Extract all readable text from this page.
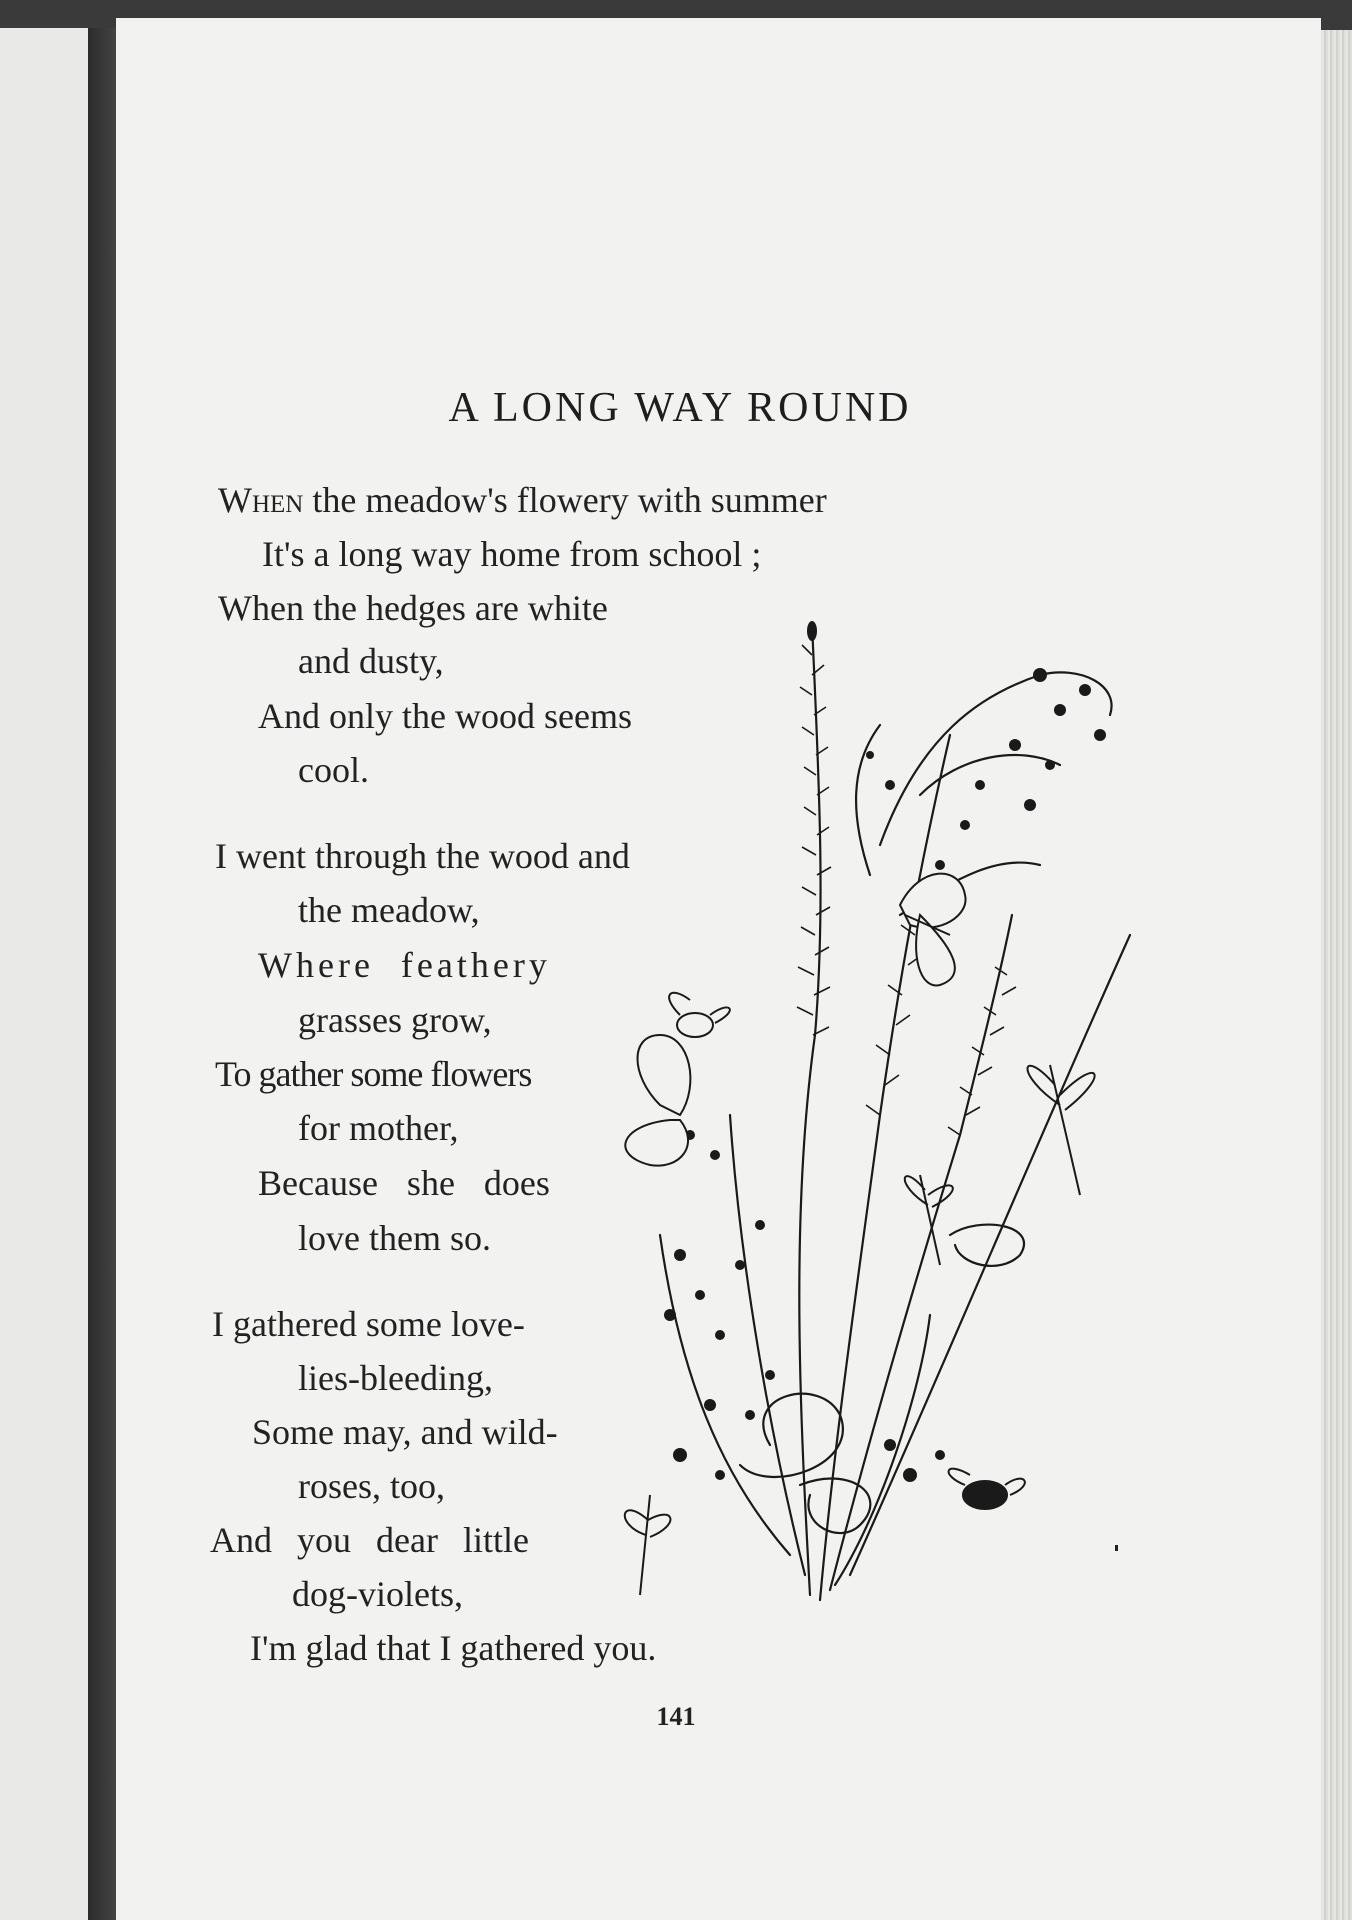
A LONG WAY ROUND
When the meadow's flowery with summer
It's a long way home from school ;
When the hedges are white
and dusty,
And only the wood seems
cool.
I went through the wood and
the meadow,
Where feathery
grasses grow,
To gather some flowers
for mother,
Because she does
love them so.
I gathered some love-
lies-bleeding,
Some may, and wild-
roses, too,
And you dear little
dog-violets,
I'm glad that I gathered you.
141
